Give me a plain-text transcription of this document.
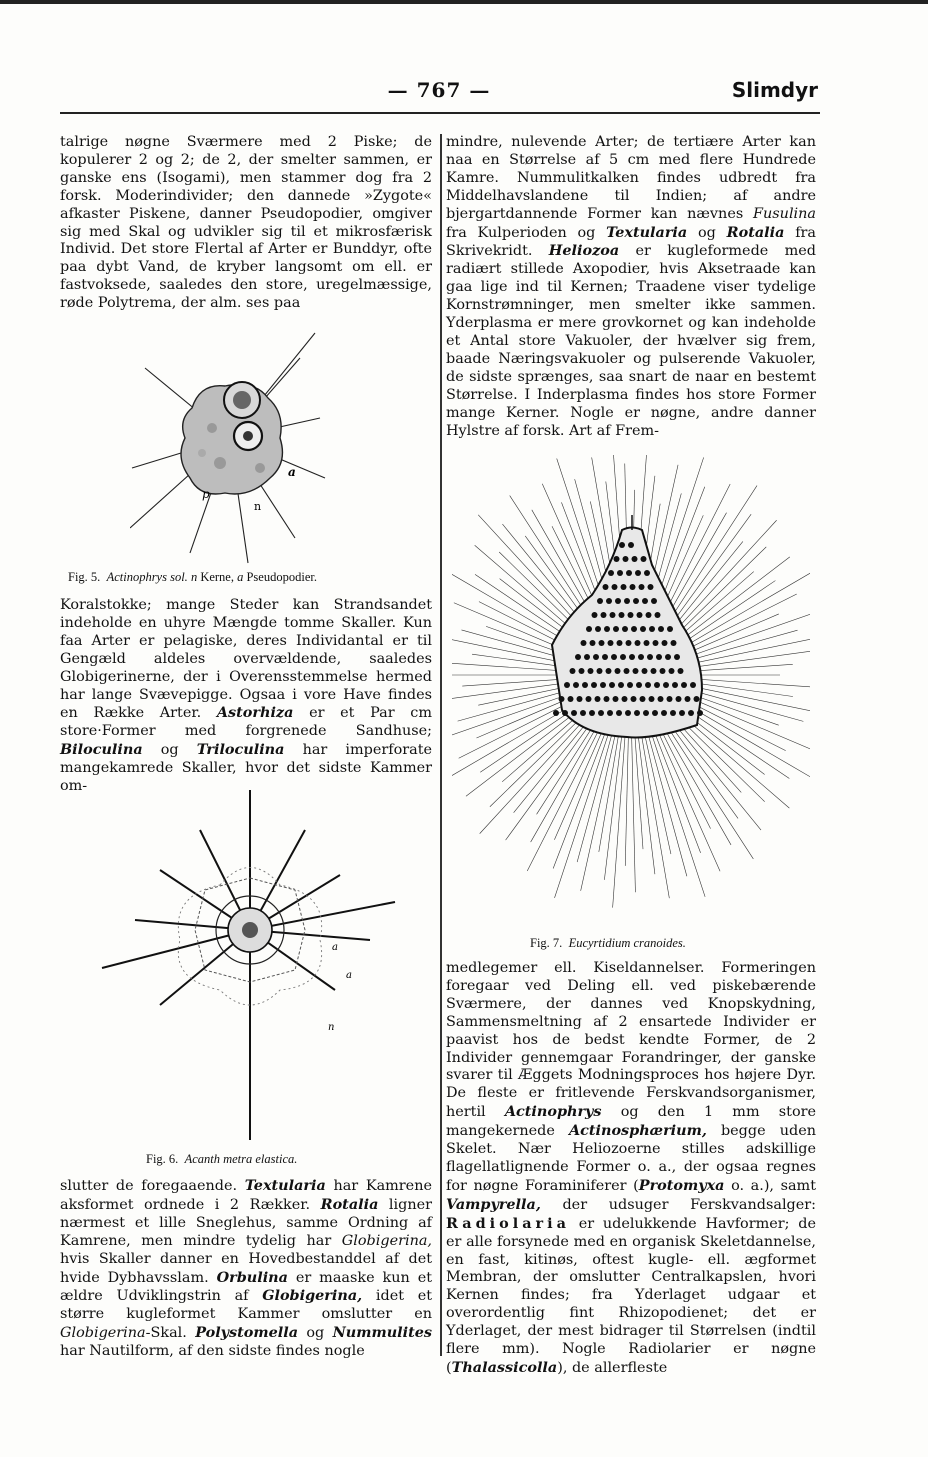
— 767 —	Slimdyr

talrige nøgne Sværmere med 2 Piske; de kopulerer 2 og 2; de 2, der smelter sammen, er ganske ens (Isogami), men stammer dog fra 2 forsk. Moderindivider; den dannede »Zygote« afkaster Piskene, danner Pseudopodier, omgiver sig med Skal og udvikler sig til et mikrosfærisk Individ. Det store Flertal af Arter er Bunddyr, ofte paa dybt Vand, de kryber langsomt om ell. er fastvoksede, saaledes den store, uregelmæssige, røde Polytrema, der alm. ses paa

p
n
a
Fig. 5. Actinophrys sol. n Kerne, a Pseudopodier.

Koralstokke; mange Steder kan Strandsandet indeholde en uhyre Mængde tomme Skaller. Kun faa Arter er pelagiske, deres Individantal er til Gengæld aldeles overvældende, saaledes Globigerinerne, der i Overensstemmelse hermed har lange Svævepigge. Ogsaa i vore Have findes en Række Arter. Astorhiza er et Par cm store·Former med forgrenede Sandhuse; Biloculina og Triloculina har imperforate mangekamrede Skaller, hvor det sidste Kammer om-

a
a
n
Fig. 6. Acanth metra elastica.

slutter de foregaaende. Textularia har Kamrene aksformet ordnede i 2 Rækker. Rotalia ligner nærmest et lille Sneglehus, samme Ordning af Kamrene, men mindre tydelig har Globigerina, hvis Skaller danner en Hovedbestanddel af det hvide Dybhavsslam. Orbulina er maaske kun et ældre Udviklingstrin af Globigerina, idet et større kugleformet Kammer omslutter en Globigerina-Skal. Polystomella og Nummulites har Nautilform, af den sidste findes nogle

mindre, nulevende Arter; de tertiære Arter kan naa en Størrelse af 5 cm med flere Hundrede Kamre. Nummulitkalken findes udbredt fra Middelhavslandene til Indien; af andre bjergartdannende Former kan nævnes Fusulina fra Kulperioden og Textularia og Rotalia fra Skrivekridt. Heliozoa er kugleformede med radiært stillede Axopodier, hvis Aksetraade kan gaa lige ind til Kernen; Traadene viser tydelige Kornstrømninger, men smelter ikke sammen. Yderplasma er mere grovkornet og kan indeholde et Antal store Vakuoler, der hvælver sig frem, baade Næringsvakuoler og pulserende Vakuoler, de sidste sprænges, saa snart de naar en bestemt Størrelse. I Inderplasma findes hos store Former mange Kerner. Nogle er nøgne, andre danner Hylstre af forsk. Art af Frem-

Fig. 7. Eucyrtidium cranoides.

medlegemer ell. Kiseldannelser. Formeringen foregaar ved Deling ell. ved piskebærende Sværmere, der dannes ved Knopskydning, Sammensmeltning af 2 ensartede Individer er paavist hos de bedst kendte Former, de 2 Individer gennemgaar Forandringer, der ganske svarer til Æggets Modningsproces hos højere Dyr. De fleste er fritlevende Ferskvandsorganismer, hertil Actinophrys og den 1 mm store mangekernede Actinosphærium, begge uden Skelet. Nær Heliozoerne stilles adskillige flagellatlignende Former o. a., der ogsaa regnes for nøgne Foraminiferer (Protomyxa o. a.), samt Vampyrella, der udsuger Ferskvandsalger: Radiolaria er udelukkende Havformer; de er alle forsynede med en organisk Skeletdannelse, en fast, kitinøs, oftest kugle- ell. ægformet Membran, der omslutter Centralkapslen, hvori Kernen findes; fra Yderlaget udgaar et overordentlig fint Rhizopodienet; det er Yderlaget, der mest bidrager til Størrelsen (indtil flere mm). Nogle Radiolarier er nøgne (Thalassicolla), de allerfleste
